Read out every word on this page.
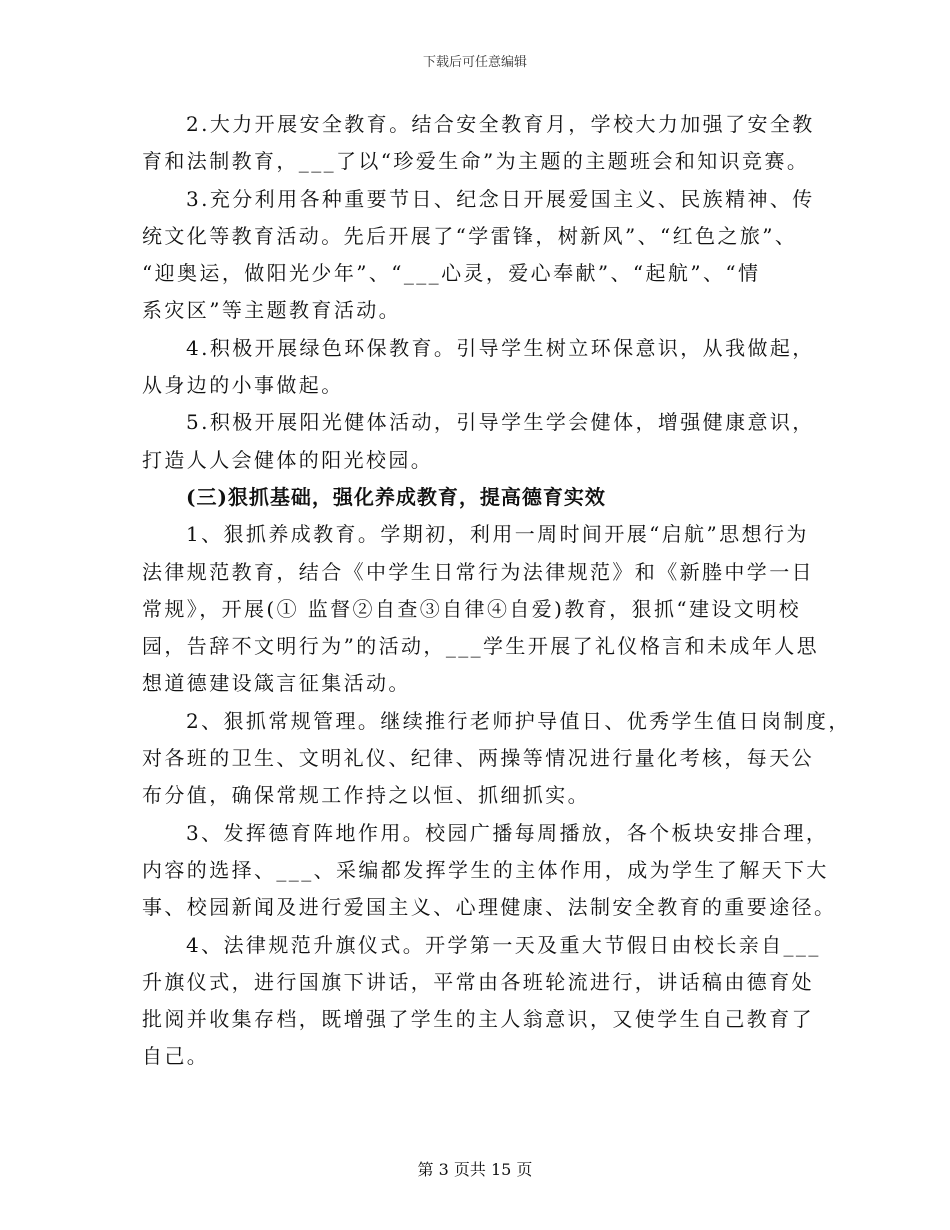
下载后可任意编辑
2.大力开展安全教育。结合安全教育月，学校大力加强了安全教
育和法制教育，___了以“珍爱生命”为主题的主题班会和知识竞赛。
3.充分利用各种重要节日、纪念日开展爱国主义、民族精神、传
统文化等教育活动。先后开展了“学雷锋，树新风”、“红色之旅”、
“迎奥运，做阳光少年”、“___心灵，爱心奉献”、“起航”、“情
系灾区”等主题教育活动。
4.积极开展绿色环保教育。引导学生树立环保意识，从我做起，
从身边的小事做起。
5.积极开展阳光健体活动，引导学生学会健体，增强健康意识，
打造人人会健体的阳光校园。
(三)狠抓基础，强化养成教育，提高德育实效
1、狠抓养成教育。学期初，利用一周时间开展“启航”思想行为
法律规范教育，结合《中学生日常行为法律规范》和《新塍中学一日
常规》，开展(① 监督②自查③自律④自爱)教育，狠抓“建设文明校
园，告辞不文明行为”的活动，___学生开展了礼仪格言和未成年人思
想道德建设箴言征集活动。
2、狠抓常规管理。继续推行老师护导值日、优秀学生值日岗制度，
对各班的卫生、文明礼仪、纪律、两操等情况进行量化考核，每天公
布分值，确保常规工作持之以恒、抓细抓实。
3、发挥德育阵地作用。校园广播每周播放，各个板块安排合理，
内容的选择、___、采编都发挥学生的主体作用，成为学生了解天下大
事、校园新闻及进行爱国主义、心理健康、法制安全教育的重要途径。
4、法律规范升旗仪式。开学第一天及重大节假日由校长亲自___
升旗仪式，进行国旗下讲话，平常由各班轮流进行，讲话稿由德育处
批阅并收集存档，既增强了学生的主人翁意识，又使学生自己教育了
自己。
第 3 页共 15 页
